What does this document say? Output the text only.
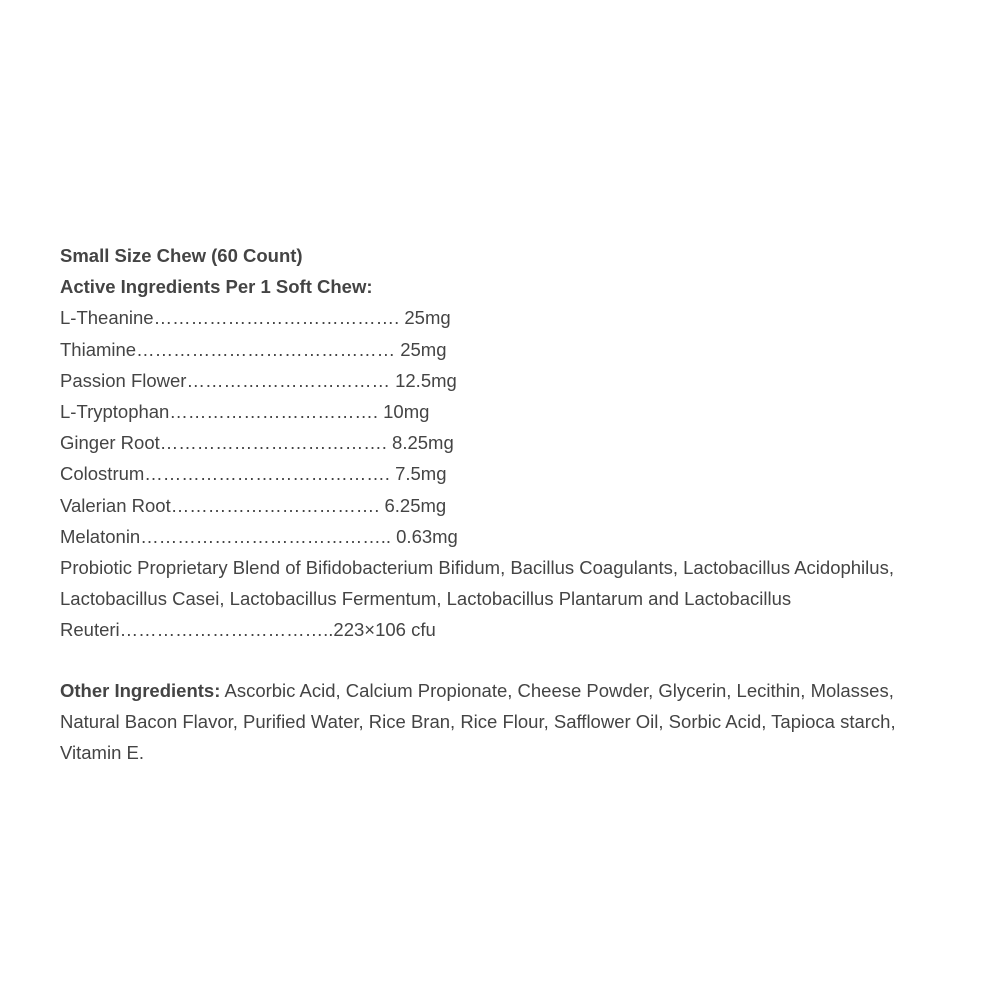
Small Size Chew (60 Count)
Active Ingredients Per 1 Soft Chew:
L-Theanine…………………………………. 25mg
Thiamine…………………………………… 25mg
Passion Flower…………………………… 12.5mg
L-Tryptophan……………………………. 10mg
Ginger Root………………………………. 8.25mg
Colostrum…………………………………. 7.5mg
Valerian Root……………………………. 6.25mg
Melatonin………………………………….. 0.63mg
Probiotic Proprietary Blend of Bifidobacterium Bifidum, Bacillus Coagulants, Lactobacillus Acidophilus,
Lactobacillus Casei, Lactobacillus Fermentum, Lactobacillus Plantarum and Lactobacillus
Reuteri……………………………..223×106 cfu
Other Ingredients: Ascorbic Acid, Calcium Propionate, Cheese Powder, Glycerin, Lecithin, Molasses,
Natural Bacon Flavor, Purified Water, Rice Bran, Rice Flour, Safflower Oil, Sorbic Acid, Tapioca starch,
Vitamin E.
